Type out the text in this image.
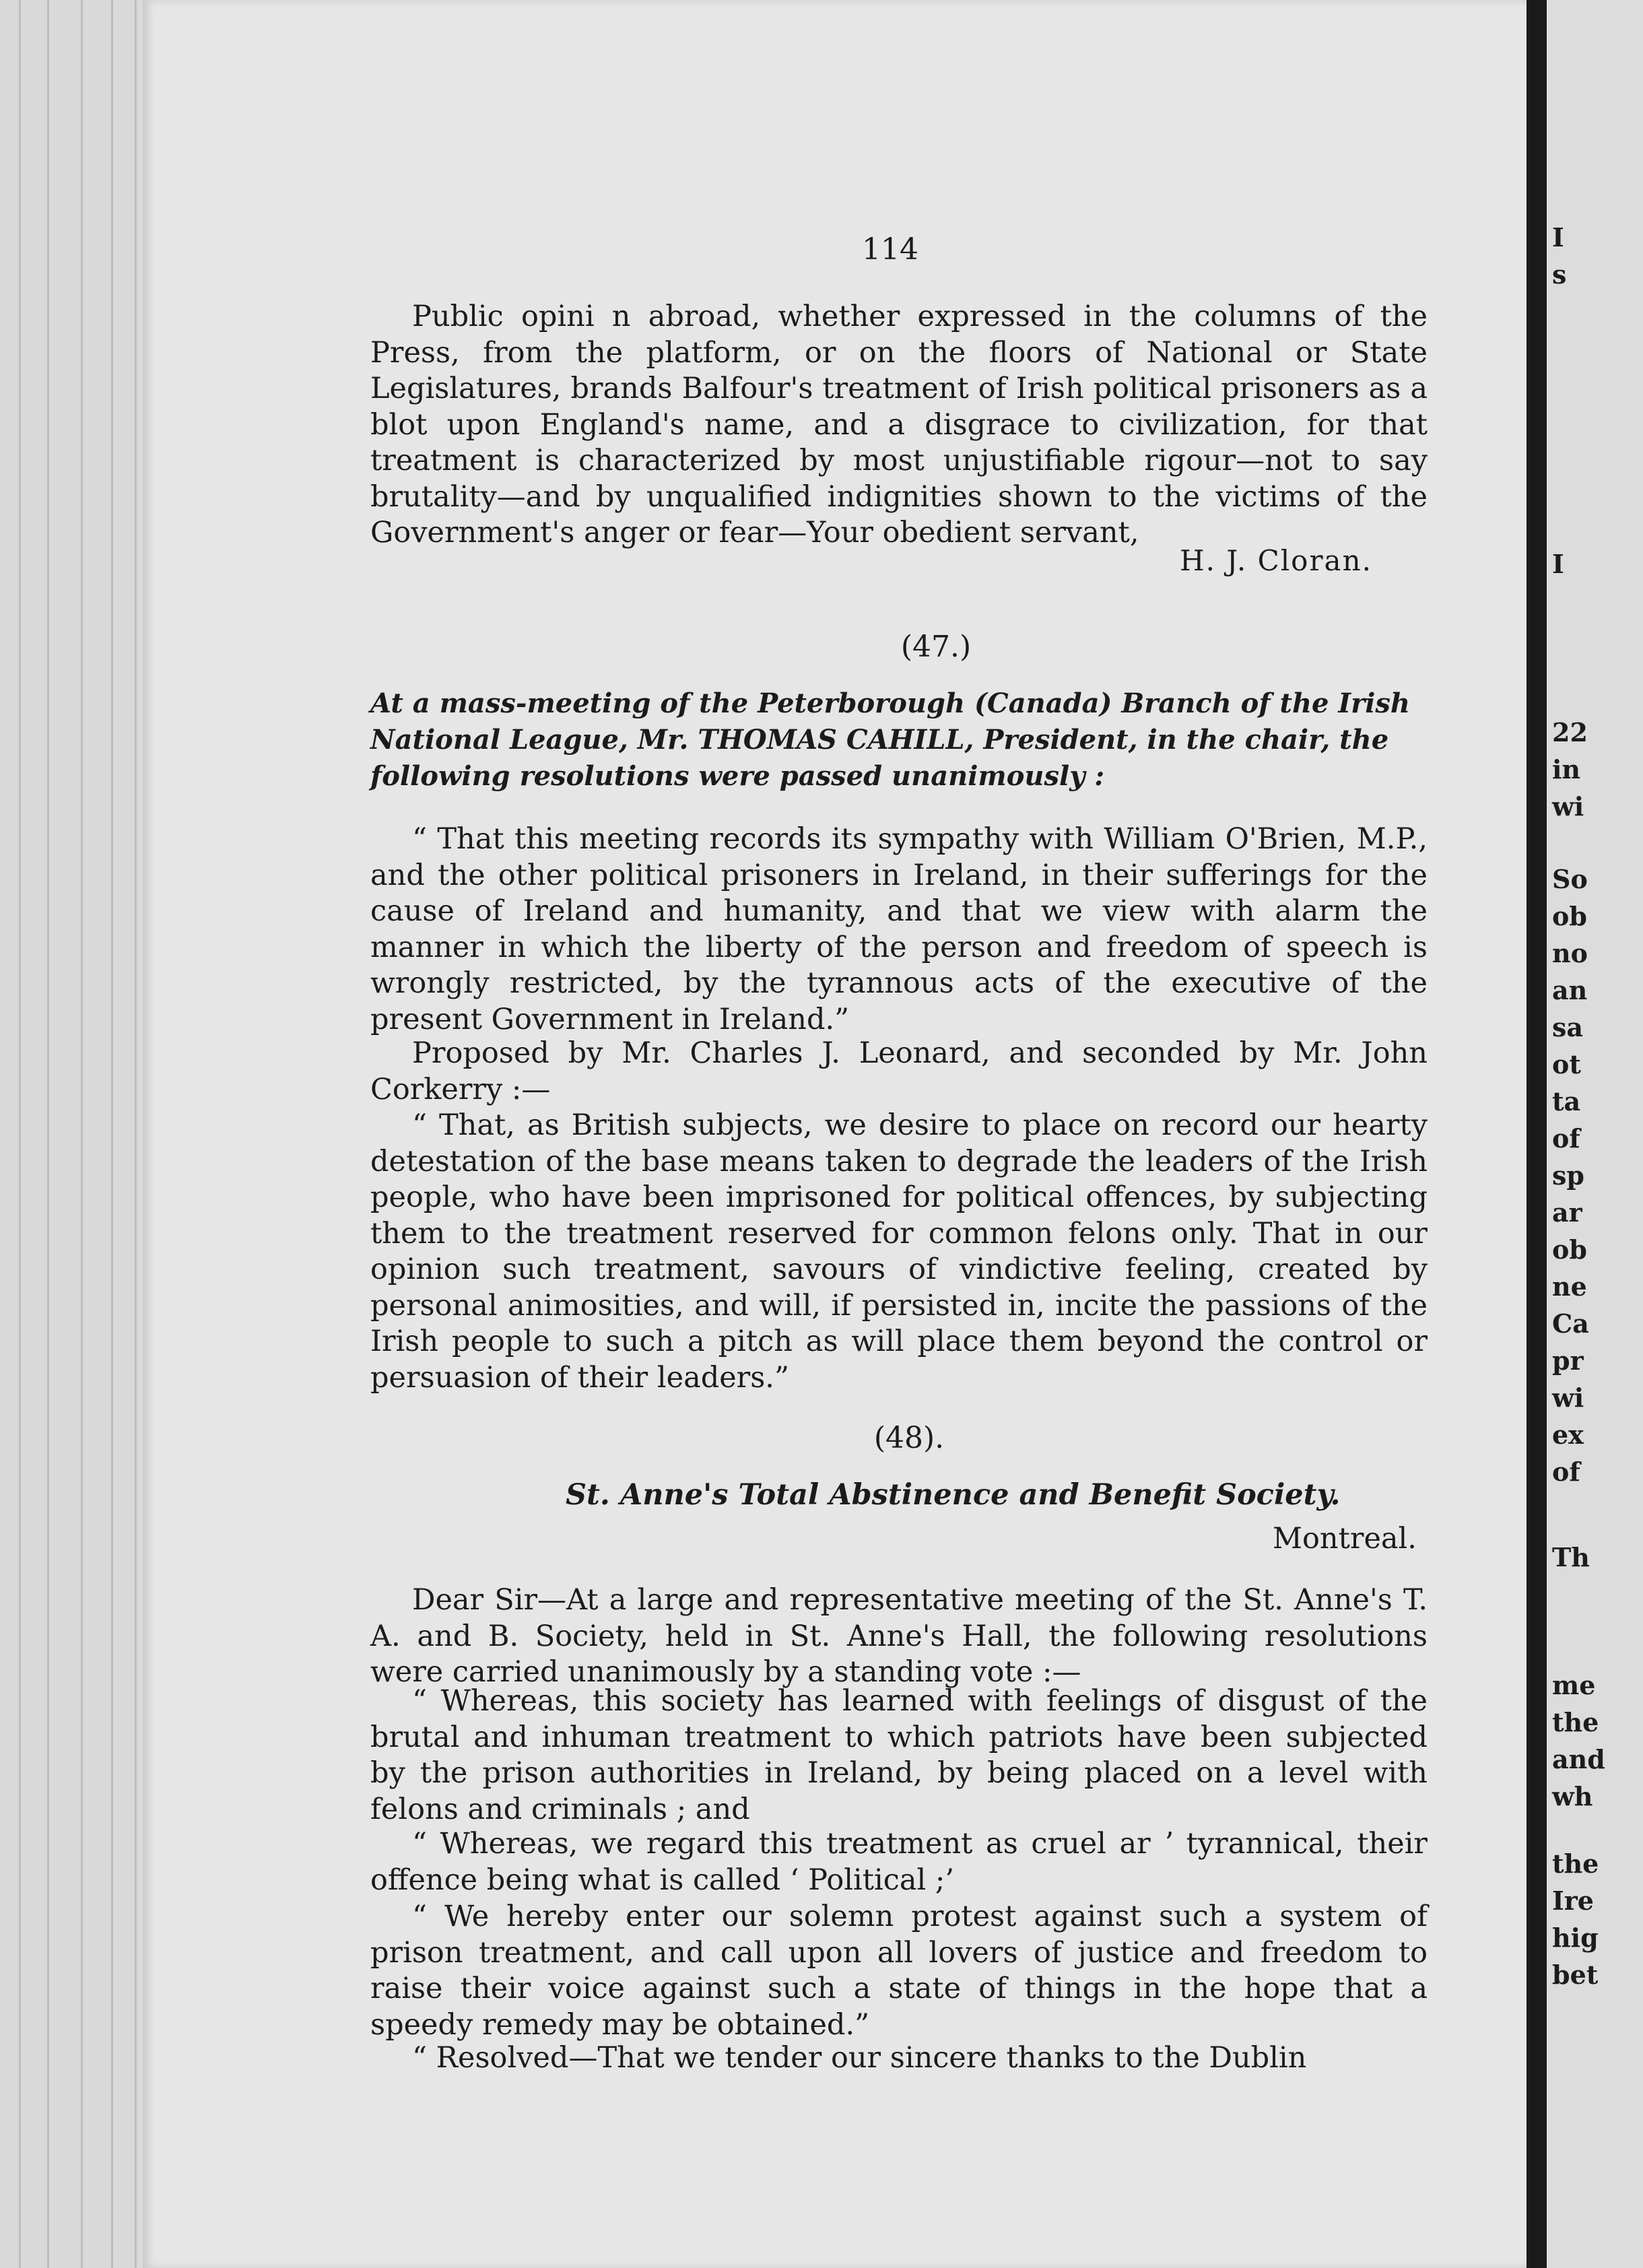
I
s
I
22
in
wi
So
ob
no
an
sa
ot
ta
of
sp
ar
ob
ne
Ca
pr
wi
ex
of
Th
me
the
and
wh
the
Ire
hig
bet
114
Public opini n abroad, whether expressed in the columns of the Press, from the platform, or on the floors of National or State Legislatures, brands Balfour's treatment of Irish political prisoners as a blot upon England's name, and a disgrace to civilization, for that treatment is characterized by most unjustifiable rigour—not to say brutality—and by unqualified indignities shown to the victims of the Government's anger or fear—Your obedient servant,
H. J. Cloran.
(47.)
At a mass-meeting of the Peterborough (Canada) Branch of the Irish National League, Mr. THOMAS CAHILL, President, in the chair, the following resolutions were passed unanimously :
“ That this meeting records its sympathy with William O'Brien, M.P., and the other political prisoners in Ireland, in their sufferings for the cause of Ireland and humanity, and that we view with alarm the manner in which the liberty of the person and freedom of speech is wrongly restricted, by the tyrannous acts of the executive of the present Government in Ireland.”
Proposed by Mr. Charles J. Leonard, and seconded by Mr. John Corkerry :—
“ That, as British subjects, we desire to place on record our hearty detestation of the base means taken to degrade the leaders of the Irish people, who have been imprisoned for political offences, by subjecting them to the treatment reserved for common felons only. That in our opinion such treatment, savours of vindictive feeling, created by personal animosities, and will, if persisted in, incite the passions of the Irish people to such a pitch as will place them beyond the control or persuasion of their leaders.”
(48).
St. Anne's Total Abstinence and Benefit Society.
Montreal.
Dear Sir—At a large and representative meeting of the St. Anne's T. A. and B. Society, held in St. Anne's Hall, the following resolutions were carried unanimously by a standing vote :—
“ Whereas, this society has learned with feelings of disgust of the brutal and inhuman treatment to which patriots have been subjected by the prison authorities in Ireland, by being placed on a level with felons and criminals ; and
“ Whereas, we regard this treatment as cruel ar ʼ tyrannical, their offence being what is called ‘ Political ;’
“ We hereby enter our solemn protest against such a system of prison treatment, and call upon all lovers of justice and freedom to raise their voice against such a state of things in the hope that a speedy remedy may be obtained.”
“ Resolved—That we tender our sincere thanks to the Dublin
